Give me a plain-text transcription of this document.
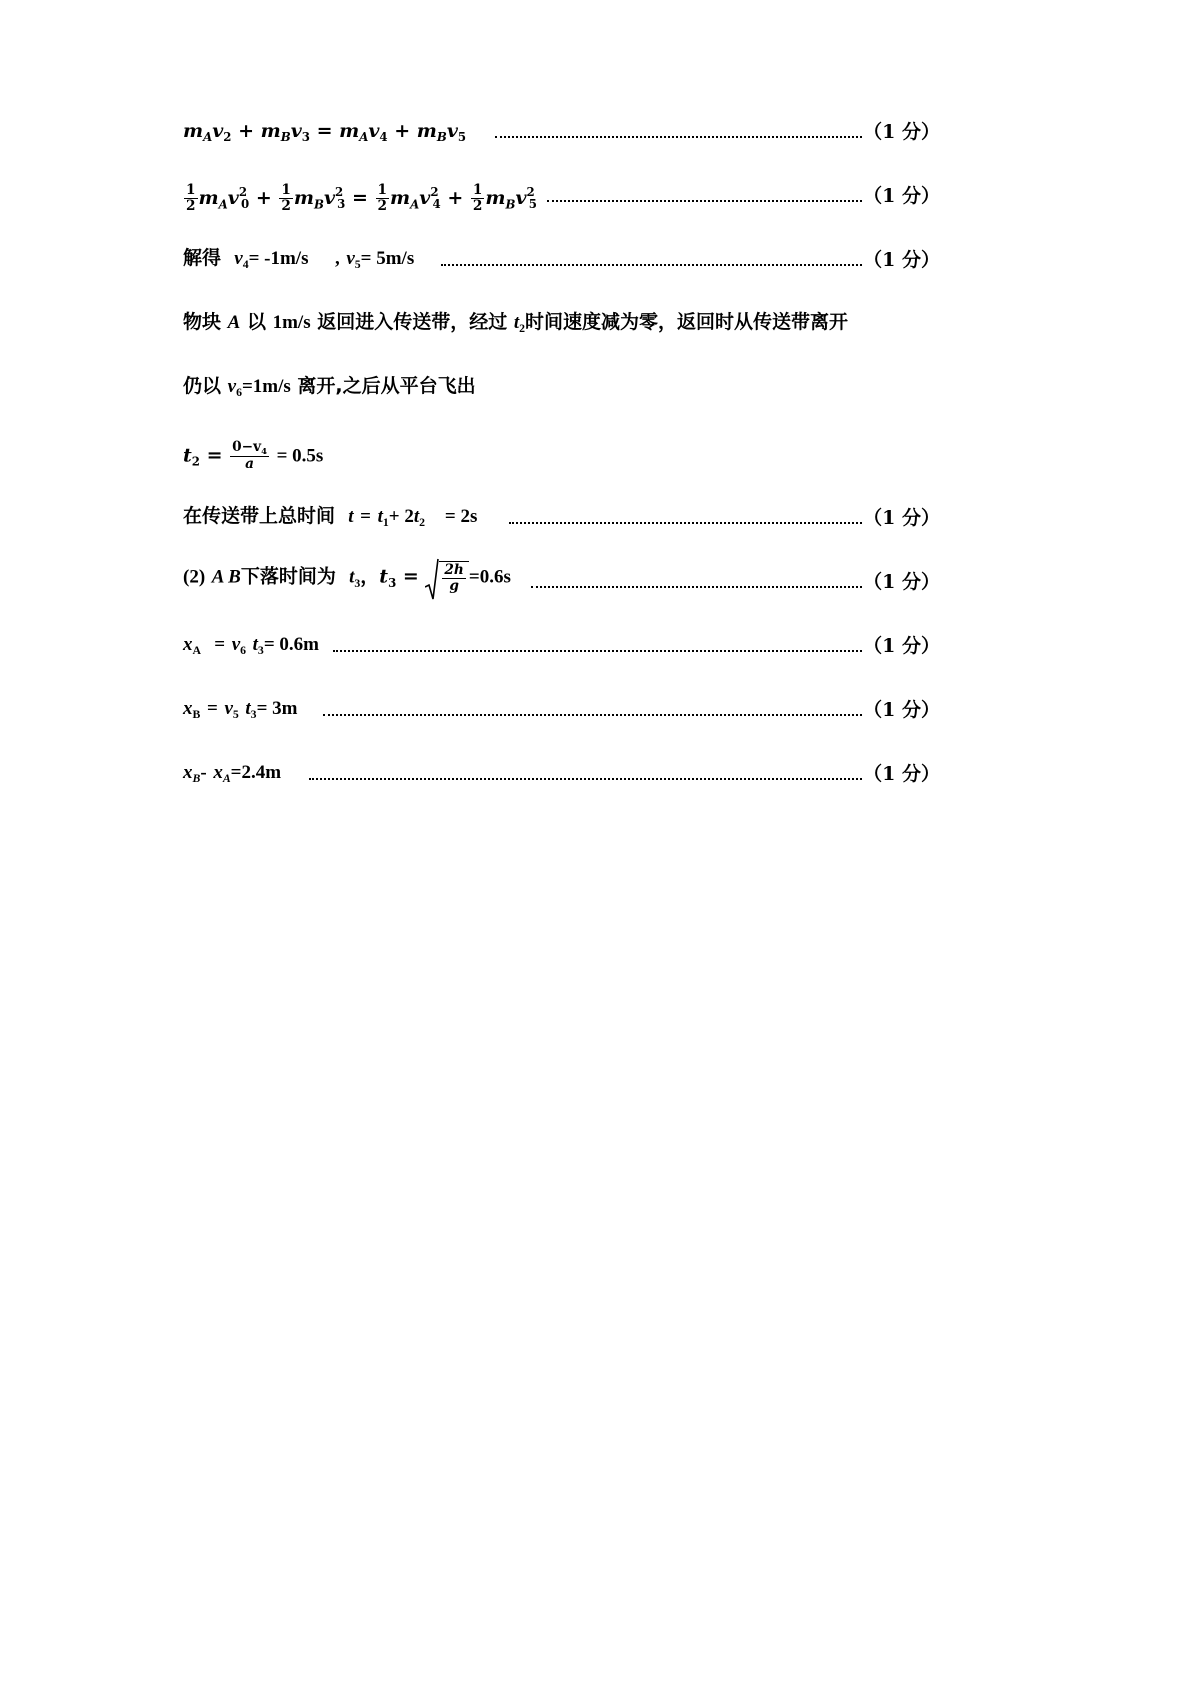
$m_Av_2 + m_Bv_3 = m_Av_4 + m_Bv_5$	（1 分）
$\frac{1}{2} m_Av^2_0 + \frac{1}{2} m_Bv^2_3 = \frac{1}{2} m_Av^2_4 + \frac{1}{2} m_Bv^2_5$	（1 分）
解得 $v_4= -1m/s$ , $v_5= 5m/s$	（1 分）
物块 A 以 1m/s 返回进入传送带，经过 $t_2$时间速度减为零，返回时从传送带离开
仍以 $v_6=1m/s$ 离开,之后从平台飞出
$t_2 = \frac{0-v_4}{a} = 0.5s$
在传送带上总时间 $t = t_1+ 2t_2 = 2s$	（1 分）
(2) A B下落时间为 $t_3$，$t_3 = \frac{2h}{g} =0.6s$	（1 分）
$x_A = v_6$ $t_3= 0.6m$	（1 分）
$x_B = v_5$ $t_3= 3m$	（1 分）
$x_B-$ $x_A=2.4m$	（1 分）
